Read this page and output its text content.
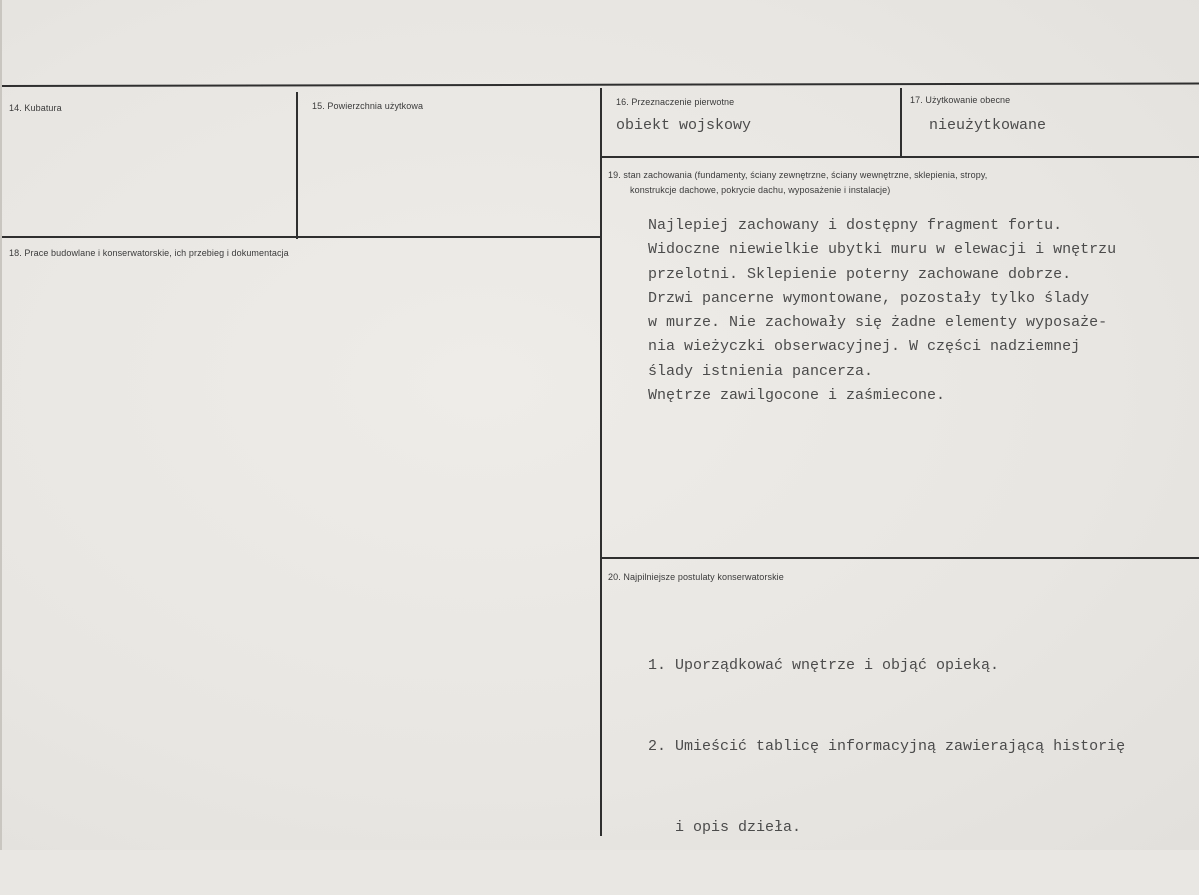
14. Kubatura	15. Powierzchnia użytkowa	16. Przeznaczenie pierwotne
obiekt wojskowy
17. Użytkowanie obecne
nieużytkowane
18. Prace budowlane i konserwatorskie, ich przebieg i dokumentacja
19. stan zachowania (fundamenty, ściany zewnętrzne, ściany wewnętrzne, sklepienia, stropy,
konstrukcje dachowe, pokrycie dachu, wyposażenie i instalacje)
Najlepiej zachowany i dostępny fragment fortu.
Widoczne niewielkie ubytki muru w elewacji i wnętrzu
przelotni. Sklepienie poterny zachowane dobrze.
Drzwi pancerne wymontowane, pozostały tylko ślady
w murze. Nie zachowały się żadne elementy wyposaże-
nia wieżyczki obserwacyjnej. W części nadziemnej
ślady istnienia pancerza.
Wnętrze zawilgocone i zaśmiecone.
20. Najpilniejsze postulaty konserwatorskie

1. Uporządkować wnętrze i objąć opieką.

2. Umieścić tablicę informacyjną zawierającą historię

i opis dzieła.
